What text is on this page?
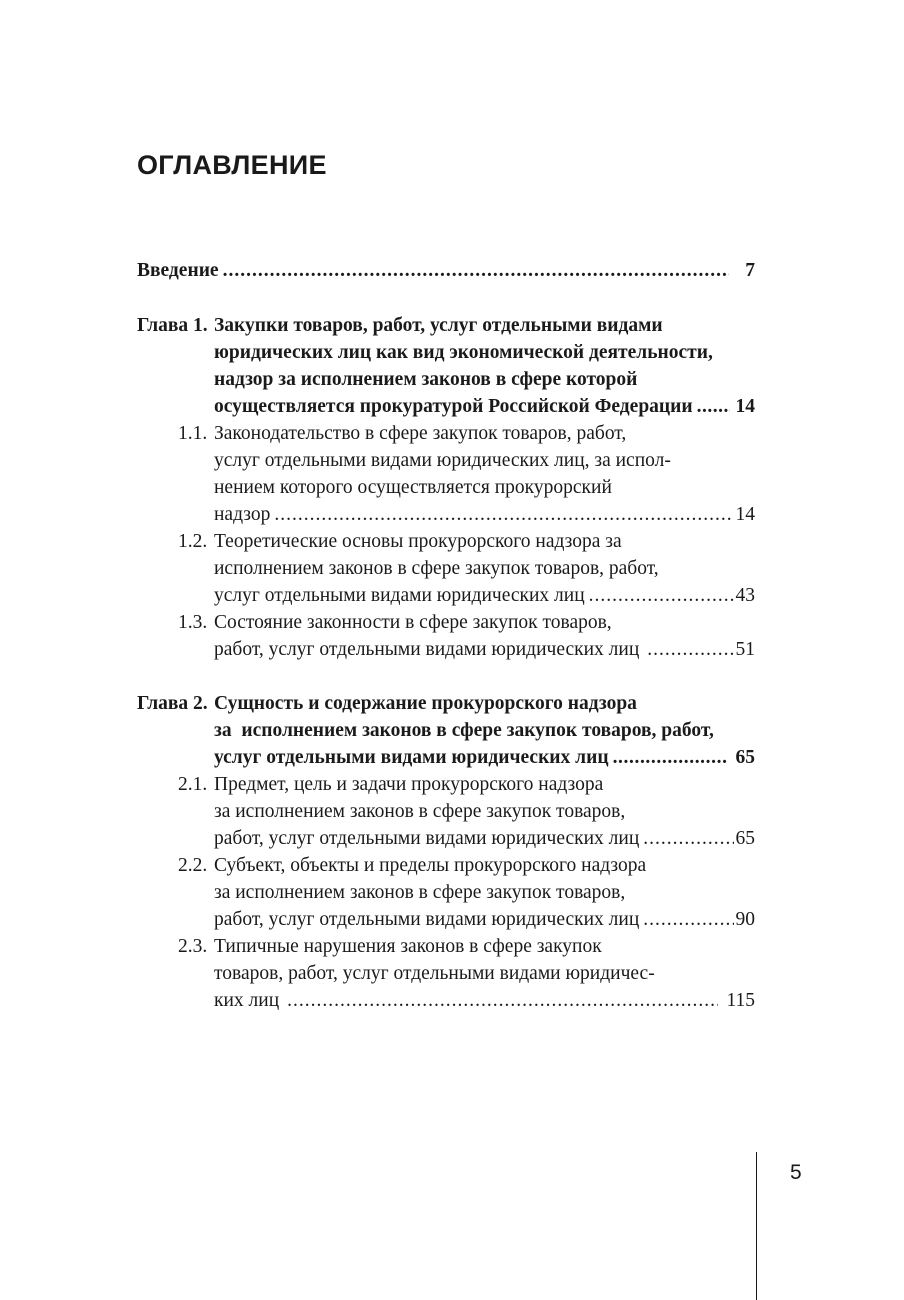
ОГЛАВЛЕНИЕ
Введение .....	7
Глава 1. Закупки товаров, работ, услуг отдельными видами
юридических лиц как вид экономической деятельности,
надзор за исполнением законов в сфере которой
осуществляется прокуратурой Российской Федерации ..... 14
1.1. Законодательство в сфере закупок товаров, работ,
услуг отдельными видами юридических лиц, за испол-
нением которого осуществляется прокурорский
надзор .....	14
1.2. Теоретические основы прокурорского надзора за
исполнением законов в сфере закупок товаров, работ,
услуг отдельными видами юридических лиц .....	43
1.3. Состояние законности в сфере закупок товаров,
работ, услуг отдельными видами юридических лиц .....	51
Глава 2. Сущность и содержание прокурорского надзора
за  исполнением законов в сфере закупок товаров, работ,
услуг отдельными видами юридических лиц .....	65
2.1. Предмет, цель и задачи прокурорского надзора
за исполнением законов в сфере закупок товаров,
работ, услуг отдельными видами юридических лиц .....	65
2.2. Субъект, объекты и пределы прокурорского надзора
за исполнением законов в сфере закупок товаров,
работ, услуг отдельными видами юридических лиц .....	90
2.3. Типичные нарушения законов в сфере закупок
товаров, работ, услуг отдельными видами юридичес-
ких лиц .....	115
5
